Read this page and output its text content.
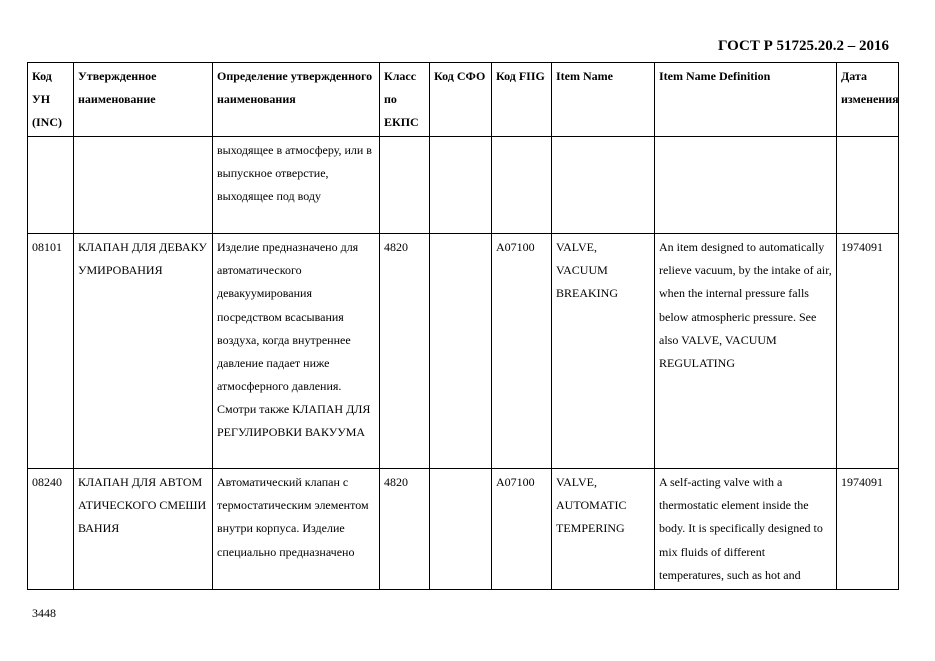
ГОСТ Р 51725.20.2 – 2016
Код УН (INC)	Утвержденное наименование	Определение утвержденного наименования	Класс по ЕКПС	Код СФО	Код FIIG	Item Name	Item Name Definition	Дата изменения
		выходящее в атмосферу, или в выпускное отверстие, выходящее под воду						
08101	КЛАПАН ДЛЯ ДЕВАКУУМИРОВАНИЯ	Изделие предназначено для автоматического девакуумирования посредством всасывания воздуха, когда внутреннее давление падает ниже атмосферного давления. Смотри также КЛАПАН ДЛЯ РЕГУЛИРОВКИ ВАКУУМА	4820		A07100	VALVE, VACUUM BREAKING	An item designed to automatically relieve vacuum, by the intake of air, when the internal pressure falls below atmospheric pressure. See also VALVE, VACUUM REGULATING	1974091
08240	КЛАПАН ДЛЯ АВТОМАТИЧЕСКОГО СМЕШИВАНИЯ	Автоматический клапан с термостатическим элементом внутри корпуса. Изделие специально предназначено	4820		A07100	VALVE, AUTOMATIC TEMPERING	A self-acting valve with a thermostatic element inside the body. It is specifically designed to mix fluids of different temperatures, such as hot and	1974091
3448
